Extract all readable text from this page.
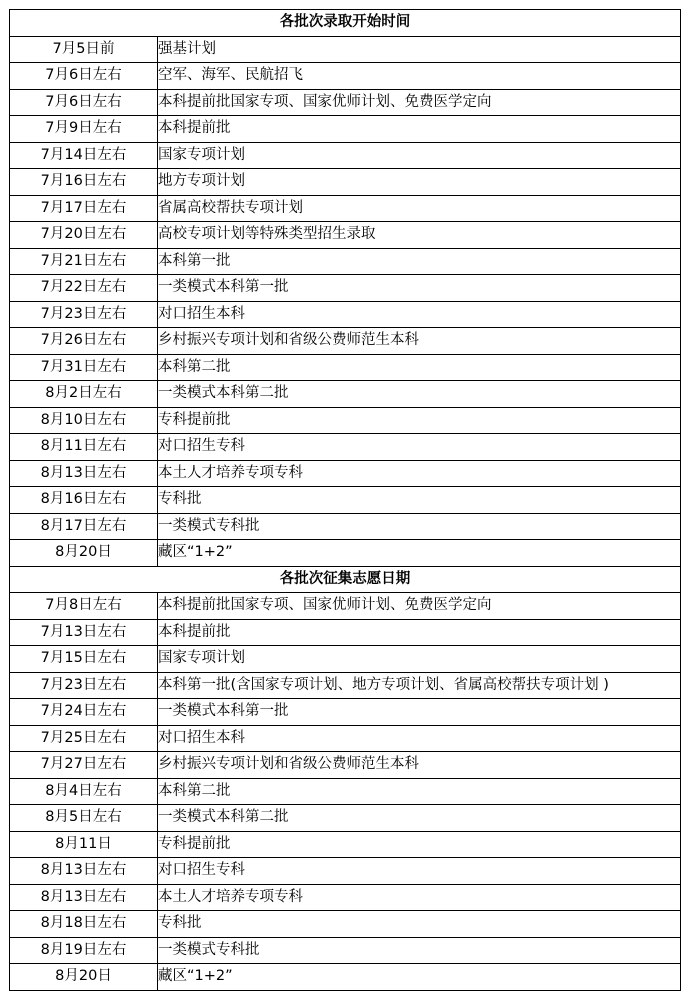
各批次录取开始时间	
7月5日前	强基计划
7月6日左右	空军、海军、民航招飞
7月6日左右	本科提前批国家专项、国家优师计划、免费医学定向
7月9日左右	本科提前批
7月14日左右	国家专项计划
7月16日左右	地方专项计划
7月17日左右	省属高校帮扶专项计划
7月20日左右	高校专项计划等特殊类型招生录取
7月21日左右	本科第一批
7月22日左右	一类模式本科第一批
7月23日左右	对口招生本科
7月26日左右	乡村振兴专项计划和省级公费师范生本科
7月31日左右	本科第二批
8月2日左右	一类模式本科第二批
8月10日左右	专科提前批
8月11日左右	对口招生专科
8月13日左右	本土人才培养专项专科
8月16日左右	专科批
8月17日左右	一类模式专科批
8月20日	藏区“1+2”
各批次征集志愿日期	
7月8日左右	本科提前批国家专项、国家优师计划、免费医学定向
7月13日左右	本科提前批
7月15日左右	国家专项计划
7月23日左右	本科第一批(含国家专项计划、地方专项计划、省属高校帮扶专项计划 )
7月24日左右	一类模式本科第一批
7月25日左右	对口招生本科
7月27日左右	乡村振兴专项计划和省级公费师范生本科
8月4日左右	本科第二批
8月5日左右	一类模式本科第二批
8月11日	专科提前批
8月13日左右	对口招生专科
8月13日左右	本土人才培养专项专科
8月18日左右	专科批
8月19日左右	一类模式专科批
8月20日	藏区“1+2”
